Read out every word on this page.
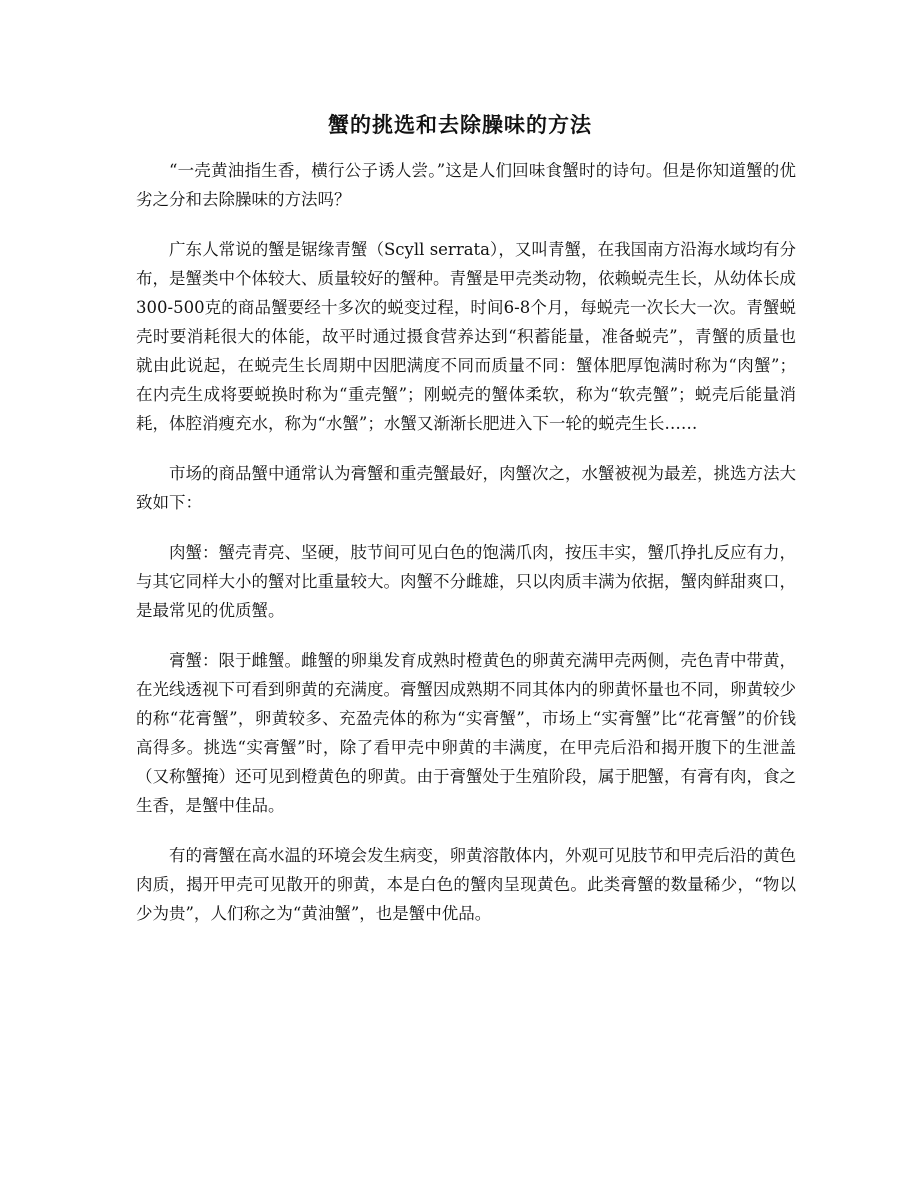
蟹的挑选和去除臊味的方法

“一壳黄油指生香，横行公子诱人尝。”这是人们回味食蟹时的诗句。但是你知道蟹的优劣之分和去除臊味的方法吗？

广东人常说的蟹是锯缘青蟹（Scyll serrata），又叫青蟹，在我国南方沿海水域均有分布，是蟹类中个体较大、质量较好的蟹种。青蟹是甲壳类动物，依赖蜕壳生长，从幼体长成300-500克的商品蟹要经十多次的蜕变过程，时间6-8个月，每蜕壳一次长大一次。青蟹蜕壳时要消耗很大的体能，故平时通过摄食营养达到“积蓄能量，准备蜕壳”，青蟹的质量也就由此说起，在蜕壳生长周期中因肥满度不同而质量不同：蟹体肥厚饱满时称为“肉蟹”；在内壳生成将要蜕换时称为“重壳蟹”；刚蜕壳的蟹体柔软，称为“软壳蟹”；蜕壳后能量消耗，体腔消瘦充水，称为“水蟹”；水蟹又渐渐长肥进入下一轮的蜕壳生长……

市场的商品蟹中通常认为膏蟹和重壳蟹最好，肉蟹次之，水蟹被视为最差，挑选方法大致如下：

肉蟹：蟹壳青亮、坚硬，肢节间可见白色的饱满爪肉，按压丰实，蟹爪挣扎反应有力，与其它同样大小的蟹对比重量较大。肉蟹不分雌雄，只以肉质丰满为依据，蟹肉鲜甜爽口，是最常见的优质蟹。

膏蟹：限于雌蟹。雌蟹的卵巢发育成熟时橙黄色的卵黄充满甲壳两侧，壳色青中带黄，在光线透视下可看到卵黄的充满度。膏蟹因成熟期不同其体内的卵黄怀量也不同，卵黄较少的称“花膏蟹”，卵黄较多、充盈壳体的称为“实膏蟹”，市场上“实膏蟹”比“花膏蟹”的价钱高得多。挑选“实膏蟹”时，除了看甲壳中卵黄的丰满度，在甲壳后沿和揭开腹下的生泄盖（又称蟹掩）还可见到橙黄色的卵黄。由于膏蟹处于生殖阶段，属于肥蟹，有膏有肉，食之生香，是蟹中佳品。

有的膏蟹在高水温的环境会发生病变，卵黄溶散体内，外观可见肢节和甲壳后沿的黄色肉质，揭开甲壳可见散开的卵黄，本是白色的蟹肉呈现黄色。此类膏蟹的数量稀少，“物以少为贵”，人们称之为“黄油蟹”，也是蟹中优品。
